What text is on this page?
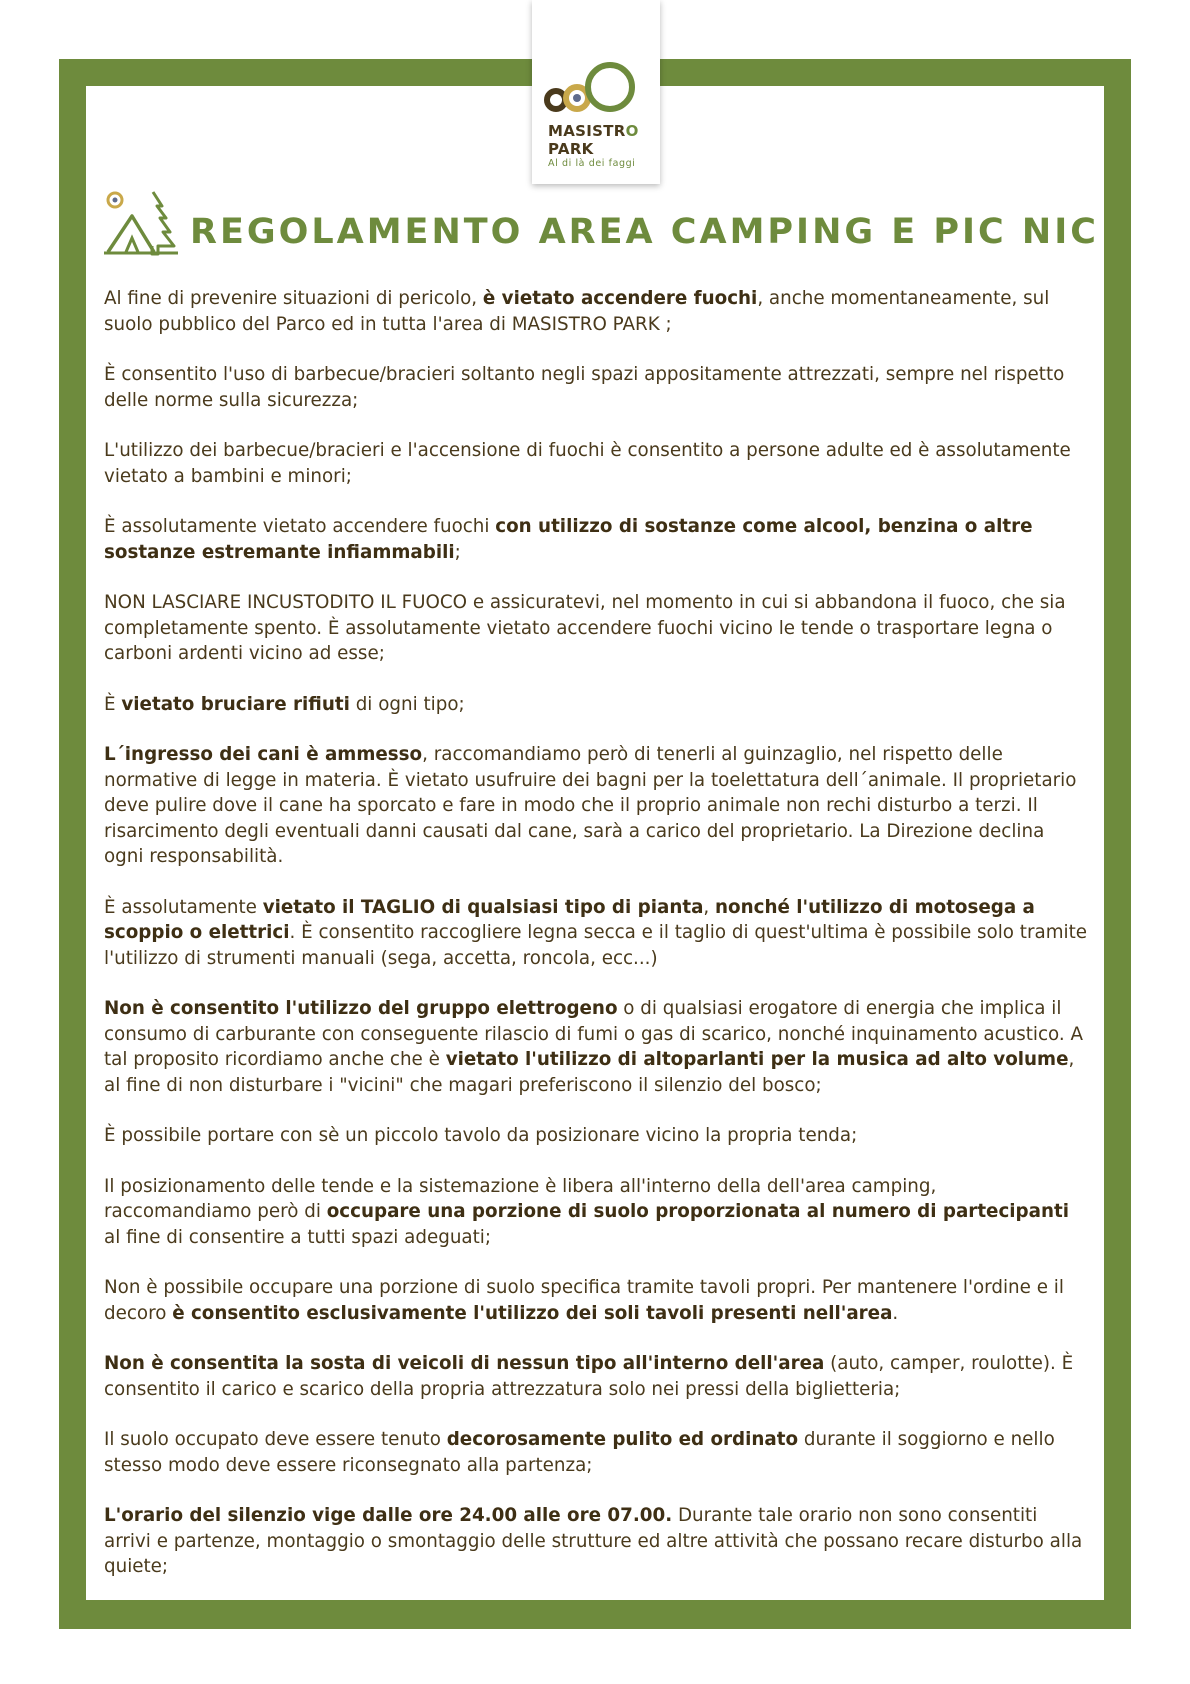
MASISTRO
PARK
Al di là dei faggi
REGOLAMENTO AREA CAMPING E PIC NIC

Al fine di prevenire situazioni di pericolo, è vietato accendere fuochi, anche momentaneamente, sul suolo pubblico del Parco ed in tutta l'area di MASISTRO PARK ;

È consentito l'uso di barbecue/bracieri soltanto negli spazi appositamente attrezzati, sempre nel rispetto delle norme sulla sicurezza;

L'utilizzo dei barbecue/bracieri e l'accensione di fuochi è consentito a persone adulte ed è assolutamente vietato a bambini e minori;

È assolutamente vietato accendere fuochi con utilizzo di sostanze come alcool, benzina o altre sostanze estremante infiammabili;

NON LASCIARE INCUSTODITO IL FUOCO e assicuratevi, nel momento in cui si abbandona il fuoco, che sia completamente spento. È assolutamente vietato accendere fuochi vicino le tende o trasportare legna o carboni ardenti vicino ad esse;

È vietato bruciare rifiuti di ogni tipo;

L´ingresso dei cani è ammesso, raccomandiamo però di tenerli al guinzaglio, nel rispetto delle normative di legge in materia. È vietato usufruire dei bagni per la toelettatura dell´animale. Il proprietario deve pulire dove il cane ha sporcato e fare in modo che il proprio animale non rechi disturbo a terzi. Il risarcimento degli eventuali danni causati dal cane, sarà a carico del proprietario. La Direzione declina ogni responsabilità.

È assolutamente vietato il TAGLIO di qualsiasi tipo di pianta, nonché l'utilizzo di motosega a scoppio o elettrici. È consentito raccogliere legna secca e il taglio di quest'ultima è possibile solo tramite l'utilizzo di strumenti manuali (sega, accetta, roncola, ecc...)

Non è consentito l'utilizzo del gruppo elettrogeno o di qualsiasi erogatore di energia che implica il consumo di carburante con conseguente rilascio di fumi o gas di scarico, nonché inquinamento acustico. A tal proposito ricordiamo anche che è vietato l'utilizzo di altoparlanti per la musica ad alto volume, al fine di non disturbare i "vicini" che magari preferiscono il silenzio del bosco;

È possibile portare con sè un piccolo tavolo da posizionare vicino la propria tenda;

Il posizionamento delle tende e la sistemazione è libera all'interno della dell'area camping, raccomandiamo però di occupare una porzione di suolo proporzionata al numero di partecipanti al fine di consentire a tutti spazi adeguati;

Non è possibile occupare una porzione di suolo specifica tramite tavoli propri. Per mantenere l'ordine e il decoro è consentito esclusivamente l'utilizzo dei soli tavoli presenti nell'area.

Non è consentita la sosta di veicoli di nessun tipo all'interno dell'area (auto, camper, roulotte). È consentito il carico e scarico della propria attrezzatura solo nei pressi della biglietteria;

Il suolo occupato deve essere tenuto decorosamente pulito ed ordinato durante il soggiorno e nello stesso modo deve essere riconsegnato alla partenza;

L'orario del silenzio vige dalle ore 24.00 alle ore 07.00. Durante tale orario non sono consentiti arrivi e partenze, montaggio o smontaggio delle strutture ed altre attività che possano recare disturbo alla quiete;
